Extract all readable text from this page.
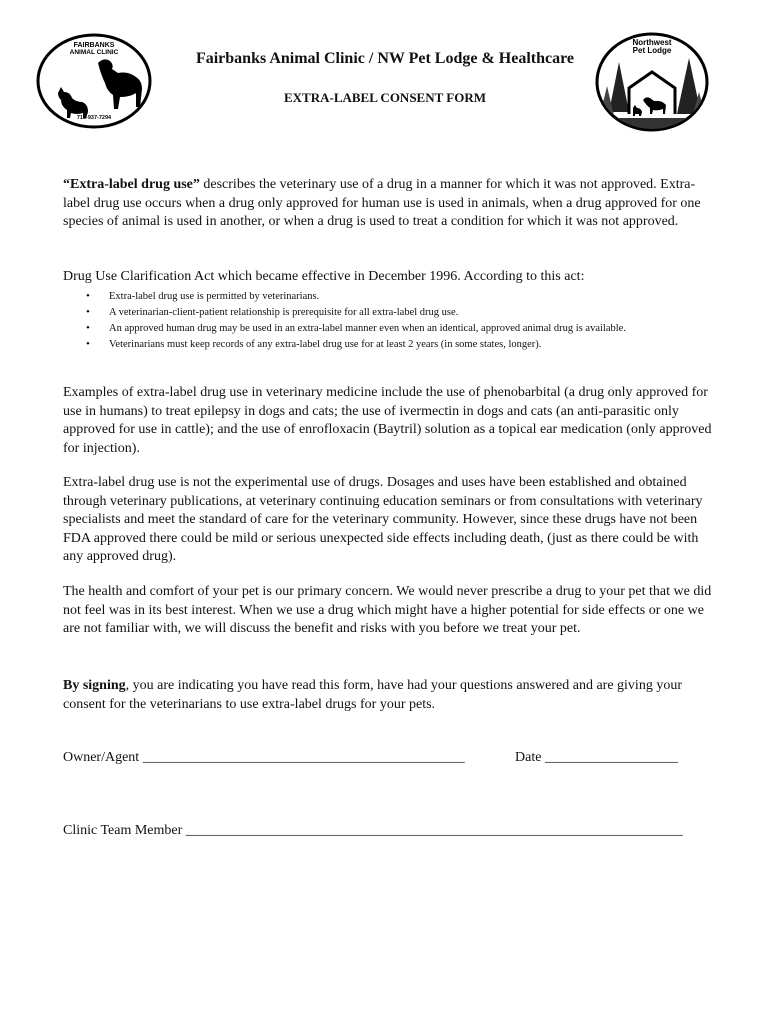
FAIRBANKS
ANIMAL CLINIC
713-937-7294
Northwest
Pet Lodge
Fairbanks Animal Clinic / NW Pet Lodge & Healthcare
EXTRA-LABEL CONSENT FORM
“Extra-label drug use” describes the veterinary use of a drug in a manner for which it was not approved. Extra-label drug use occurs when a drug only approved for human use is used in animals, when a drug approved for one species of animal is used in another, or when a drug is used to treat a condition for which it was not approved.
Drug Use Clarification Act which became effective in December 1996. According to this act:
• Extra-label drug use is permitted by veterinarians.
• A veterinarian-client-patient relationship is prerequisite for all extra-label drug use.
• An approved human drug may be used in an extra-label manner even when an identical, approved animal drug is available.
• Veterinarians must keep records of any extra-label drug use for at least 2 years (in some states, longer).
Examples of extra-label drug use in veterinary medicine include the use of phenobarbital (a drug only approved for use in humans) to treat epilepsy in dogs and cats; the use of ivermectin in dogs and cats (an anti-parasitic only approved for use in cattle); and the use of enrofloxacin (Baytril) solution as a topical ear medication (only approved for injection).
Extra-label drug use is not the experimental use of drugs. Dosages and uses have been established and obtained through veterinary publications, at veterinary continuing education seminars or from consultations with veterinary specialists and meet the standard of care for the veterinary community. However, since these drugs have not been FDA approved there could be mild or serious unexpected side effects including death, (just as there could be with any approved drug).
The health and comfort of your pet is our primary concern. We would never prescribe a drug to your pet that we did not feel was in its best interest. When we use a drug which might have a higher potential for side effects or one we are not familiar with, we will discuss the benefit and risks with you before we treat your pet.
By signing, you are indicating you have read this form, have had your questions answered and are giving your consent for the veterinarians to use extra-label drugs for your pets.
Owner/Agent ______________________________________________	Date ___________________
Clinic Team Member _______________________________________________________________________
